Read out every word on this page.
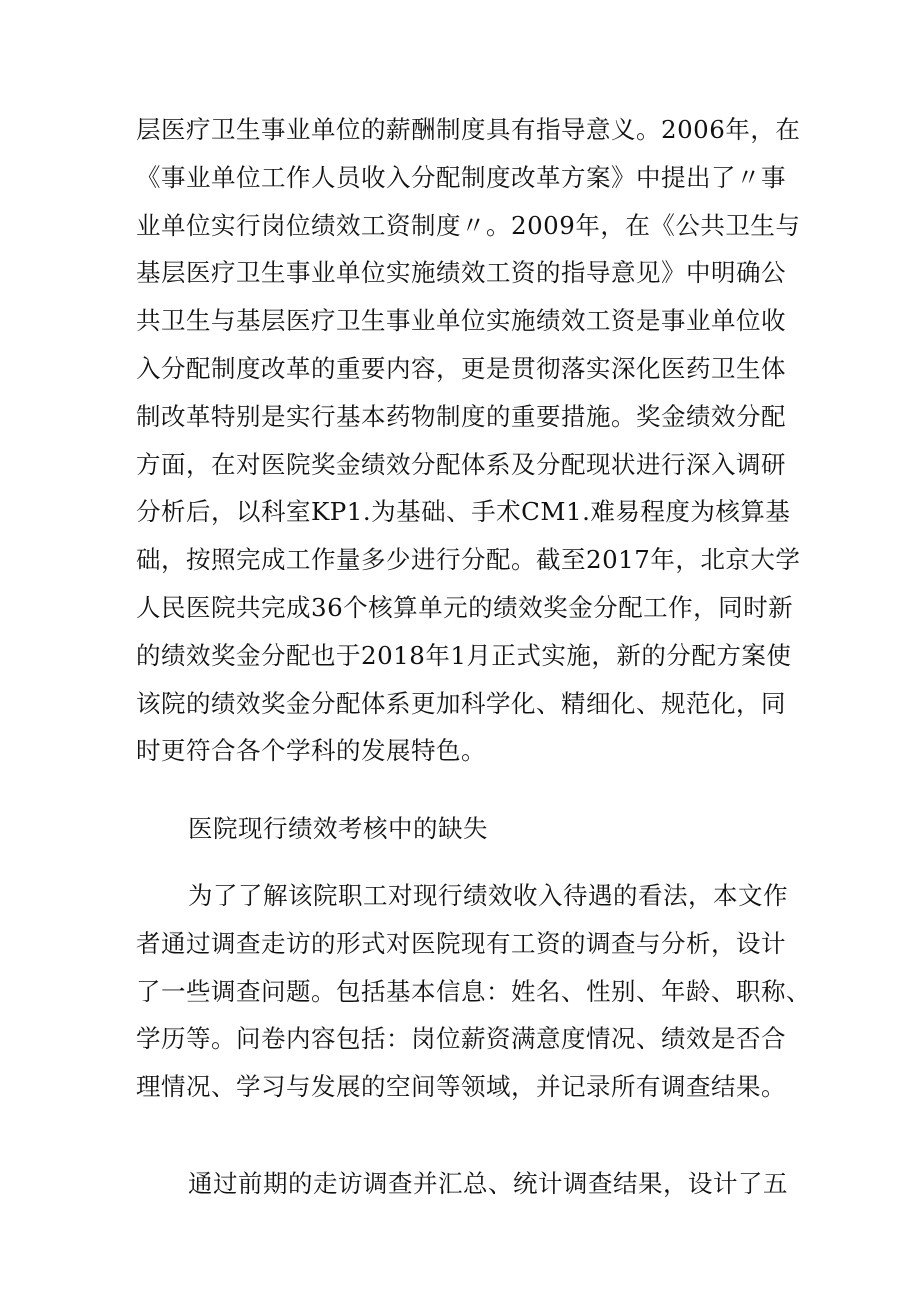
层医疗卫生事业单位的薪酬制度具有指导意义。2006年，在
《事业单位工作人员收入分配制度改革方案》中提出了〃事
业单位实行岗位绩效工资制度〃。2009年，在《公共卫生与
基层医疗卫生事业单位实施绩效工资的指导意见》中明确公
共卫生与基层医疗卫生事业单位实施绩效工资是事业单位收
入分配制度改革的重要内容，更是贯彻落实深化医药卫生体
制改革特别是实行基本药物制度的重要措施。奖金绩效分配
方面，在对医院奖金绩效分配体系及分配现状进行深入调研
分析后，以科室KP1.为基础、手术CM1.难易程度为核算基
础，按照完成工作量多少进行分配。截至2017年，北京大学
人民医院共完成36个核算单元的绩效奖金分配工作，同时新
的绩效奖金分配也于2018年1月正式实施，新的分配方案使
该院的绩效奖金分配体系更加科学化、精细化、规范化，同
时更符合各个学科的发展特色。
医院现行绩效考核中的缺失
为了了解该院职工对现行绩效收入待遇的看法，本文作
者通过调查走访的形式对医院现有工资的调查与分析，设计
了一些调查问题。包括基本信息：姓名、性别、年龄、职称、
学历等。问卷内容包括：岗位薪资满意度情况、绩效是否合
理情况、学习与发展的空间等领域，并记录所有调查结果。
通过前期的走访调查并汇总、统计调查结果，设计了五
